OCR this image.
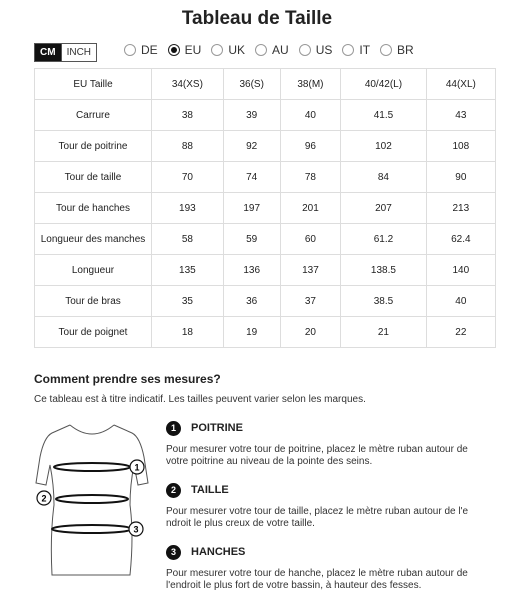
Tableau de Taille
CM	INCH	DE EU UK AU US IT BR
EU Taille	34(XS)	36(S)	38(M)	40/42(L)	44(XL)
Carrure	38	39	40	41.5	43
Tour de poitrine	88	92	96	102	108
Tour de taille	70	74	78	84	90
Tour de hanches	193	197	201	207	213
Longueur des manches	58	59	60	61.2	62.4
Longueur	135	136	137	138.5	140
Tour de bras	35	36	37	38.5	40
Tour de poignet	18	19	20	21	22
Comment prendre ses mesures?
Ce tableau est à titre indicatif. Les tailles peuvent varier selon les marques.
1
2
3
1	POITRINE
Pour mesurer votre tour de poitrine, placez le mètre ruban autour de
votre poitrine au niveau de la pointe des seins.
2	TAILLE
Pour mesurer votre tour de taille, placez le mètre ruban autour de l'e
ndroit le plus creux de votre taille.
3	HANCHES
Pour mesurer votre tour de hanche, placez le mètre ruban autour de
l'endroit le plus fort de votre bassin, à hauteur des fesses.
